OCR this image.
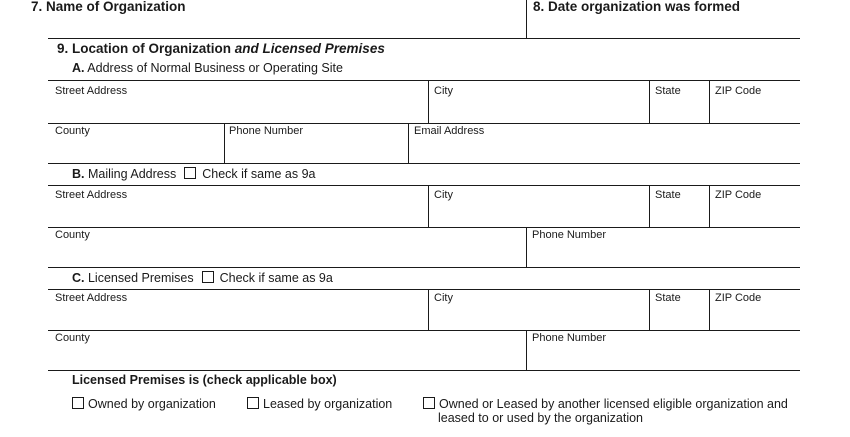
7. Name of Organization	8. Date organization was formed
9. Location of Organization and Licensed Premises
A. Address of Normal Business or Operating Site
Street Address	City	State	ZIP Code
County	Phone Number	Email Address
B. Mailing Address Check if same as 9a
Street Address	City	State	ZIP Code
County	Phone Number
C. Licensed Premises Check if same as 9a
Street Address	City	State	ZIP Code
County	Phone Number
Licensed Premises is (check applicable box)
Owned by organization	Leased by organization	Owned or Leased by another licensed eligible organization and
leased to or used by the organization
